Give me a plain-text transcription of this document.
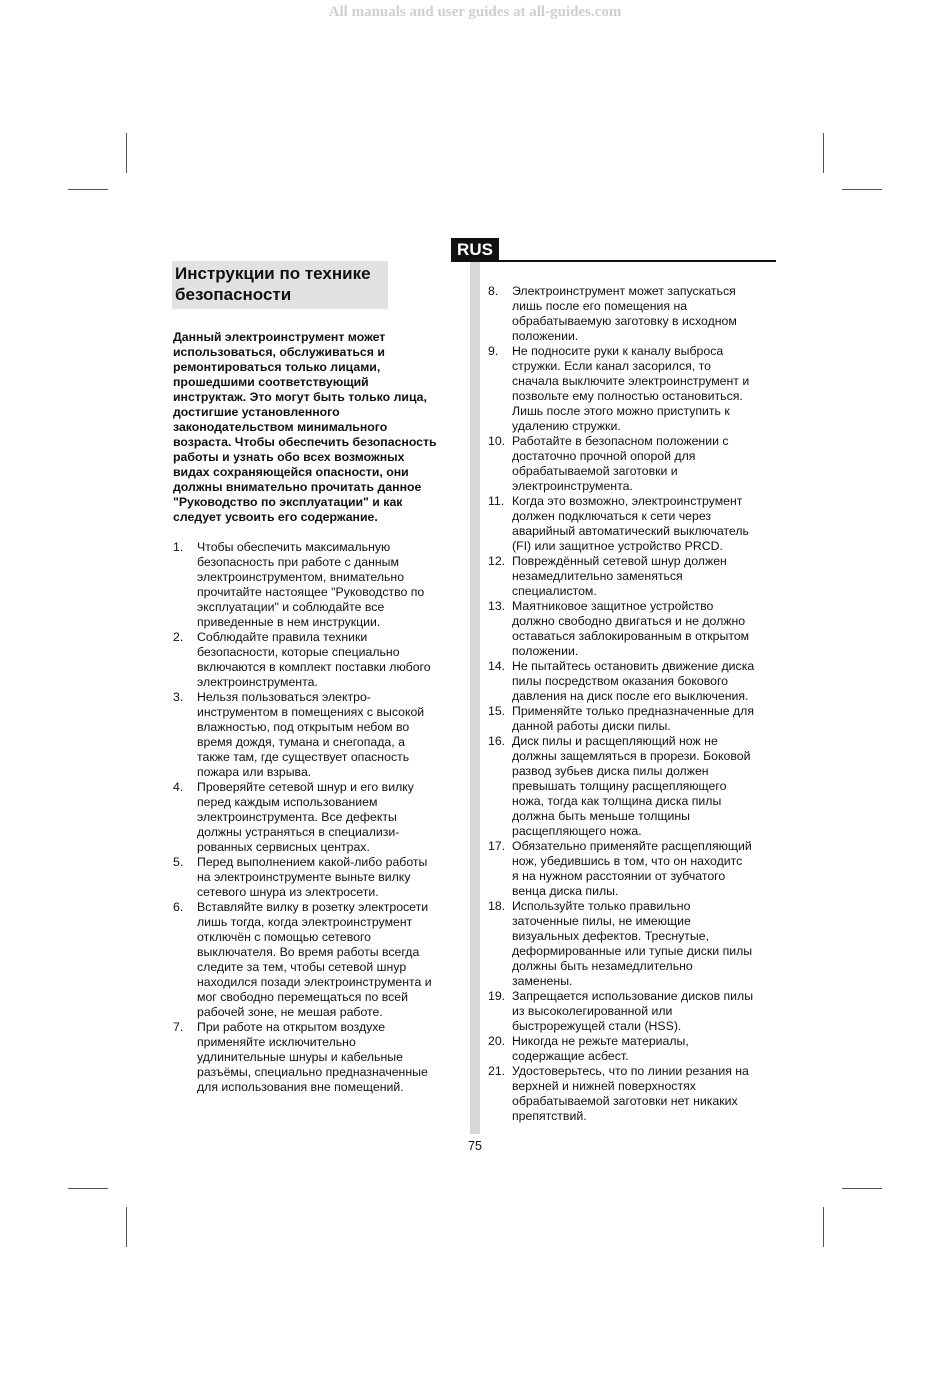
All manuals and user guides at all-guides.com
RUS
Инструкции по технике
безопасности
Данный электроинструмент может
использоваться, обслуживаться и
ремонтироваться только лицами,
прошедшими соответствующий
инструктаж. Это могут быть только лица,
достигшие установленного
законодательством минимального
возраста. Чтобы обеспечить безопасность
работы и узнать обо всех возможных
видах сохраняющейся опасности, они
должны внимательно прочитать данное
"Руководство по эксплуатации" и как
следует усвоить его содержание.
1. Чтобы обеспечить максимальную
безопасность при работе с данным
электроинструментом, внимательно
прочитайте настоящее "Руководство по
эксплуатации" и соблюдайте все
приведенные в нем инструкции.
2. Соблюдайте правила техники
безопасности, которые специально
включаются в комплект поставки любого
электроинструмента.
3. Нельзя пользоваться электро-
инструментом в помещениях с высокой
влажностью, под открытым небом во
время дождя, тумана и снегопада, а
также там, где существует опасность
пожара или взрыва.
4. Проверяйте сетевой шнур и его вилку
перед каждым использованием
электроинструмента. Все дефекты
должны устраняться в специализи-
рованных сервисных центрах.
5. Перед выполнением какой-либо работы
на электроинструменте выньте вилку
сетевого шнура из электросети.
6. Вставляйте вилку в розетку электросети
лишь тогда, когда электроинструмент
отключён с помощью сетевого
выключателя. Во время работы всегда
следите за тем, чтобы сетевой шнур
находился позади электроинструмента и
мог свободно перемещаться по всей
рабочей зоне, не мешая работе.
7. При работе на открытом воздухе
применяйте исключительно
удлинительные шнуры и кабельные
разъёмы, специально предназначенные
для использования вне помещений.
8. Электроинструмент может запускаться
лишь после его помещения на
обрабатываемую заготовку в исходном
положении.
9. Не подносите руки к каналу выброса
стружки. Если канал засорился, то
сначала выключите электроинструмент и
позвольте ему полностью остановиться.
Лишь после этого можно приступить к
удалению стружки.
10. Работайте в безопасном положении с
достаточно прочной опорой для
обрабатываемой заготовки и
электроинструмента.
11. Когда это возможно, электроинструмент
должен подключаться к сети через
аварийный автоматический выключатель
(FI) или защитное устройство PRCD.
12. Повреждённый сетевой шнур должен
незамедлительно заменяться
специалистом.
13. Маятниковое защитное устройство
должно свободно двигаться и не должно
оставаться заблокированным в открытом
положении.
14. Не пытайтесь остановить движение диска
пилы посредством оказания бокового
давления на диск после его выключения.
15. Применяйте только предназначенные для
данной работы диски пилы.
16. Диск пилы и расщепляющий нож не
должны защемляться в прорези. Боковой
развод зубьев диска пилы должен
превышать толщину расщепляющего
ножа, тогда как толщина диска пилы
должна быть меньше толщины
расщепляющего ножа.
17. Обязательно применяйте расщепляющий
нож, убедившись в том, что он находитс
я на нужном расстоянии от зубчатого
венца диска пилы.
18. Используйте только правильно
заточенные пилы, не имеющие
визуальных дефектов. Треснутые,
деформированные или тупые диски пилы
должны быть незамедлительно
заменены.
19. Запрещается использование дисков пилы
из высоколегированной или
быстрорежущей стали (HSS).
20. Никогда не режьте материалы,
содержащие асбест.
21. Удостоверьтесь, что по линии резания на
верхней и нижней поверхностях
обрабатываемой заготовки нет никаких
препятствий.
75
